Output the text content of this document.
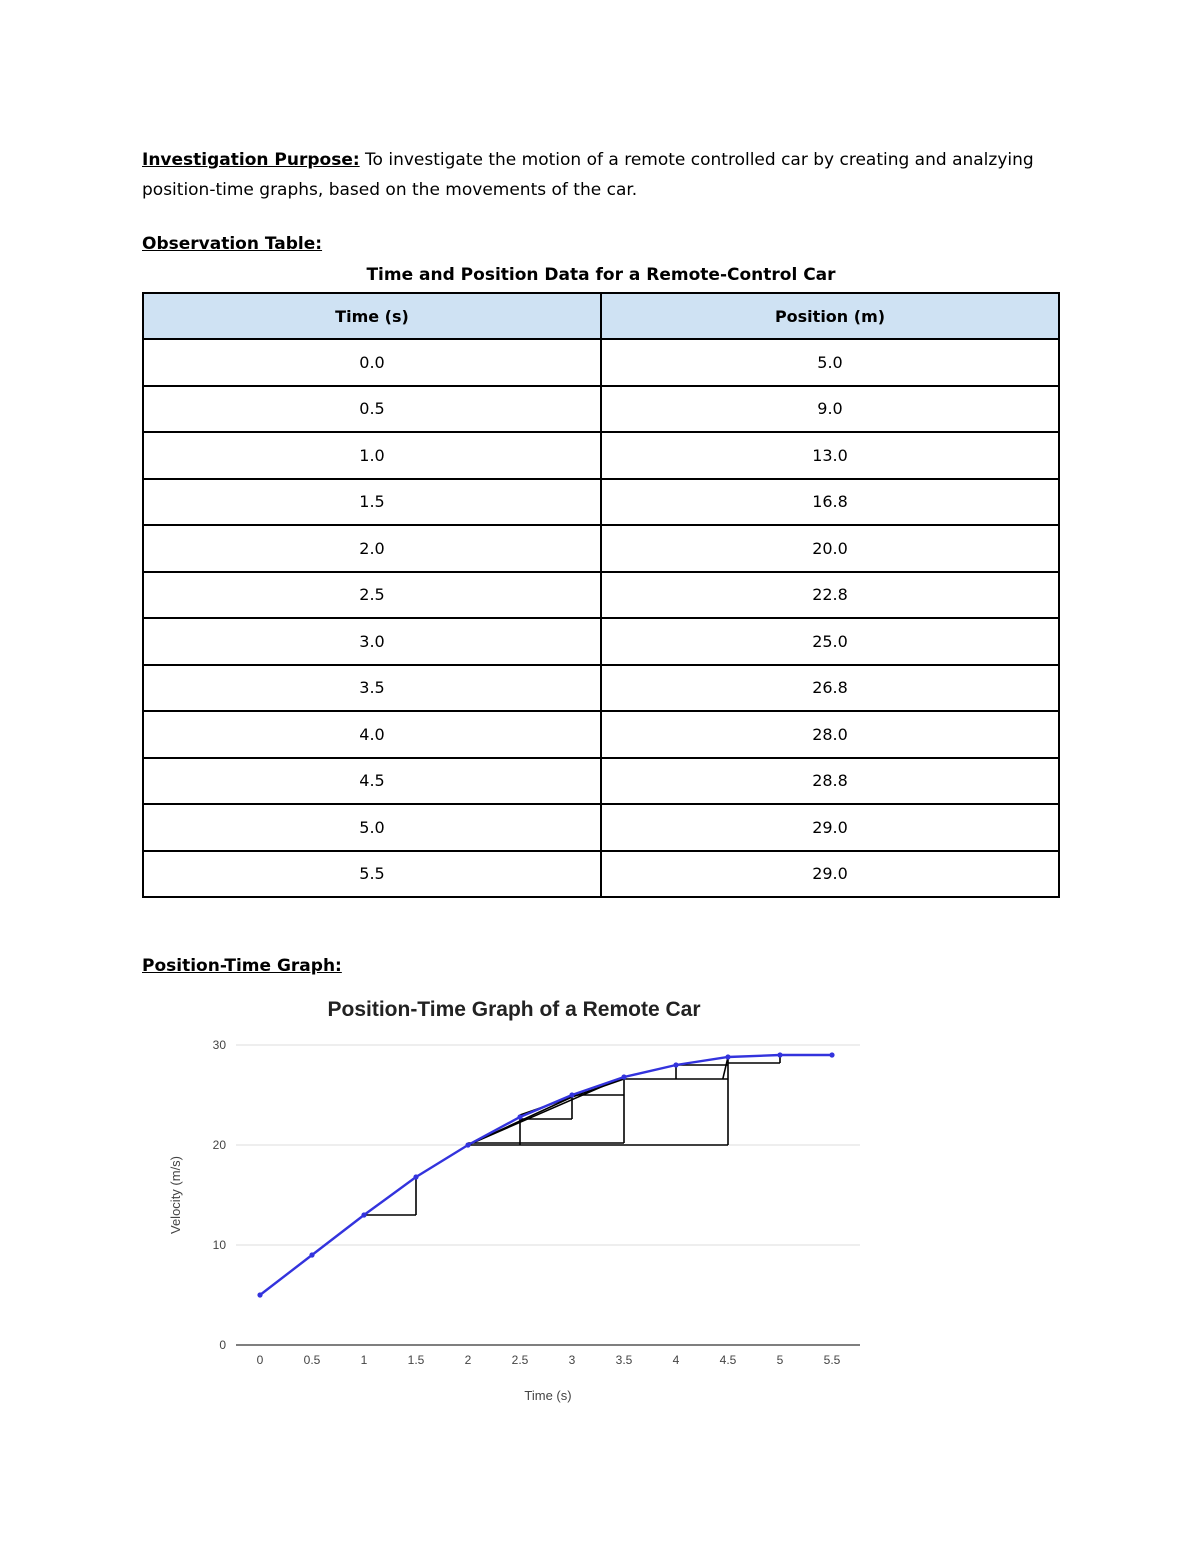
Investigation Purpose: To investigate the motion of a remote controlled car by creating and analzying position-time graphs, based on the movements of the car.
Observation Table:
Time and Position Data for a Remote-Control Car
Time (s)	Position (m)
0.0	5.0
0.5	9.0
1.0	13.0
1.5	16.8
2.0	20.0
2.5	22.8
3.0	25.0
3.5	26.8
4.0	28.0
4.5	28.8
5.0	29.0
5.5	29.0
Position-Time Graph:
Position-Time Graph of a Remote Car
0
10
20
30
0	0.5	1	1.5	2	2.5	3	3.5	4	4.5	5	5.5
Time (s)
Velocity (m/s)
